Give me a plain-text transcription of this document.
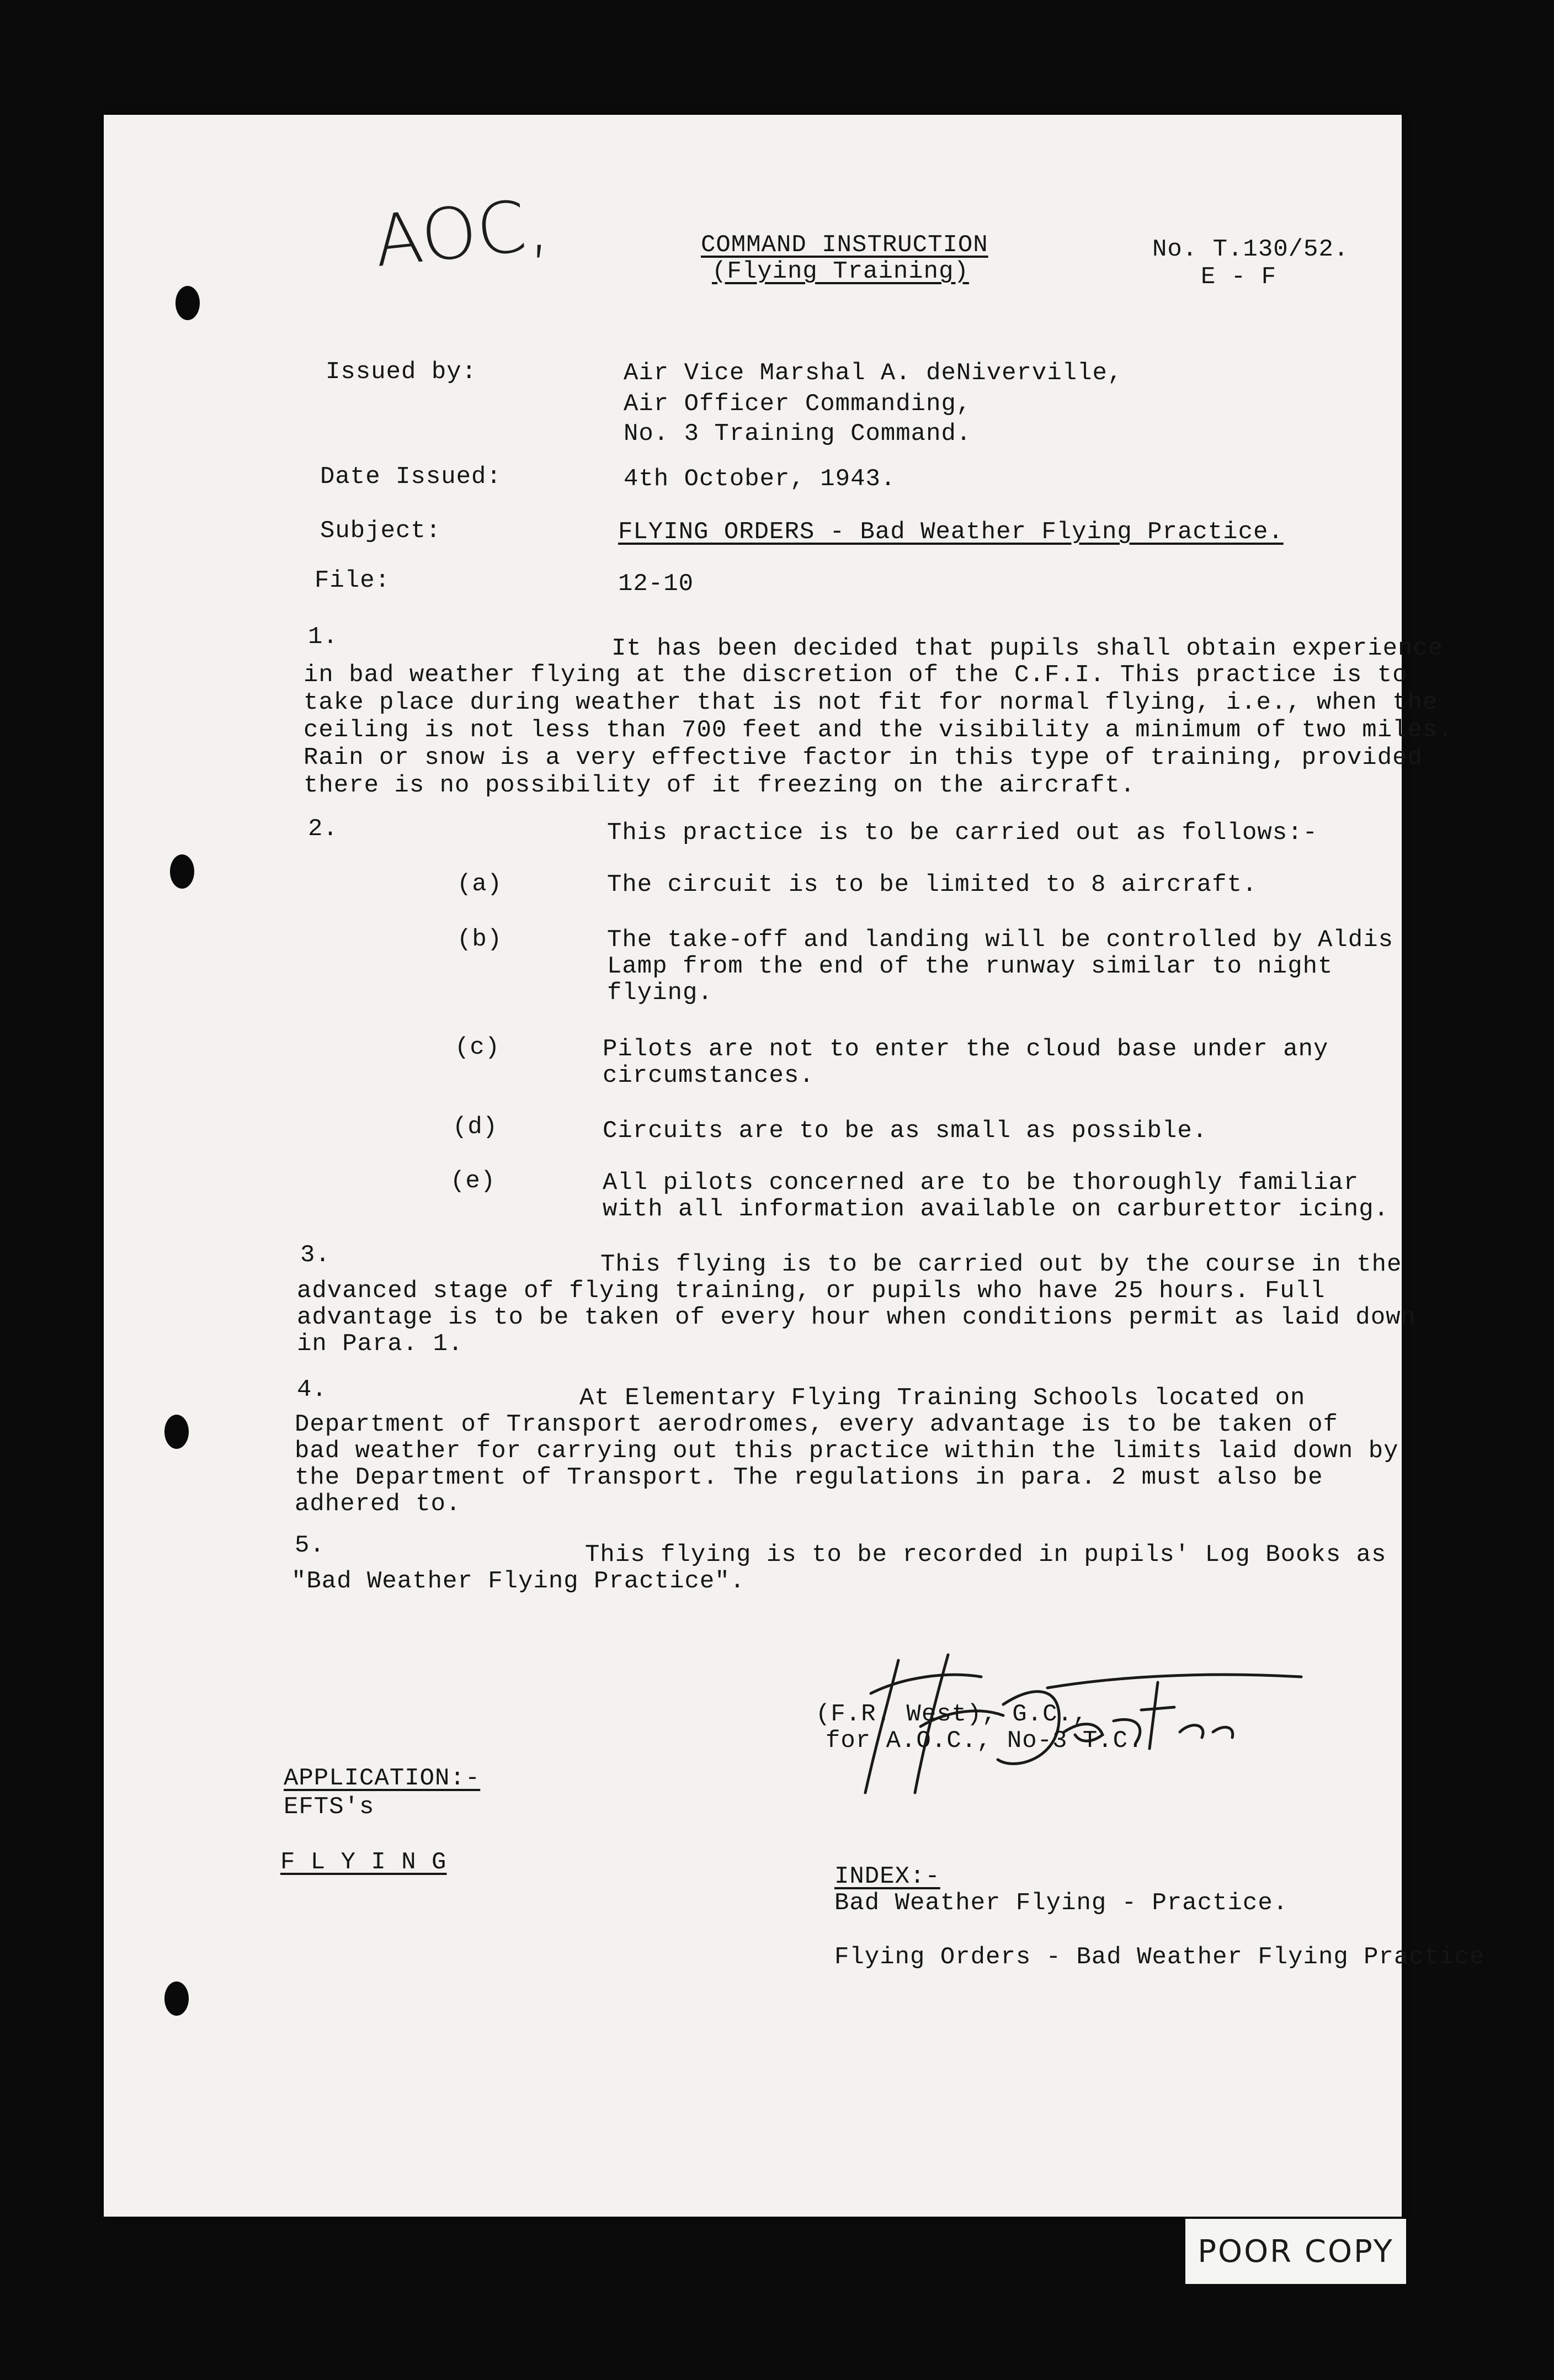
AOC,	COMMAND INSTRUCTION
(Flying Training)
No. T.130/52.
E - F
Issued by:	Air Vice Marshal A. deNiverville,
Air Officer Commanding,
No. 3 Training Command.
Date Issued:	4th October, 1943.
Subject:	FLYING ORDERS - Bad Weather Flying Practice.
File:	12-10
1.	It has been decided that pupils shall obtain experience
in bad weather flying at the discretion of the C.F.I. This practice is to
take place during weather that is not fit for normal flying, i.e., when the
ceiling is not less than 700 feet and the visibility a minimum of two miles.
Rain or snow is a very effective factor in this type of training, provided
there is no possibility of it freezing on the aircraft.
2.	This practice is to be carried out as follows:-
(a)	The circuit is to be limited to 8 aircraft.
(b)	The take-off and landing will be controlled by Aldis
Lamp from the end of the runway similar to night
flying.
(c)	Pilots are not to enter the cloud base under any
circumstances.
(d)	Circuits are to be as small as possible.
(e)	All pilots concerned are to be thoroughly familiar
with all information available on carburettor icing.
3.	This flying is to be carried out by the course in the
advanced stage of flying training, or pupils who have 25 hours. Full
advantage is to be taken of every hour when conditions permit as laid down
in Para. 1.
4.	At Elementary Flying Training Schools located on
Department of Transport aerodromes, every advantage is to be taken of
bad weather for carrying out this practice within the limits laid down by
the Department of Transport. The regulations in para. 2 must also be
adhered to.
5.	This flying is to be recorded in pupils' Log Books as
"Bad Weather Flying Practice".
(F.R. West), G.C.,
for A.O.C., No-3 T.C.
APPLICATION:-
EFTS's
F L Y I N G
INDEX:-
Bad Weather Flying - Practice.
Flying Orders - Bad Weather Flying Practice
POOR COPY
